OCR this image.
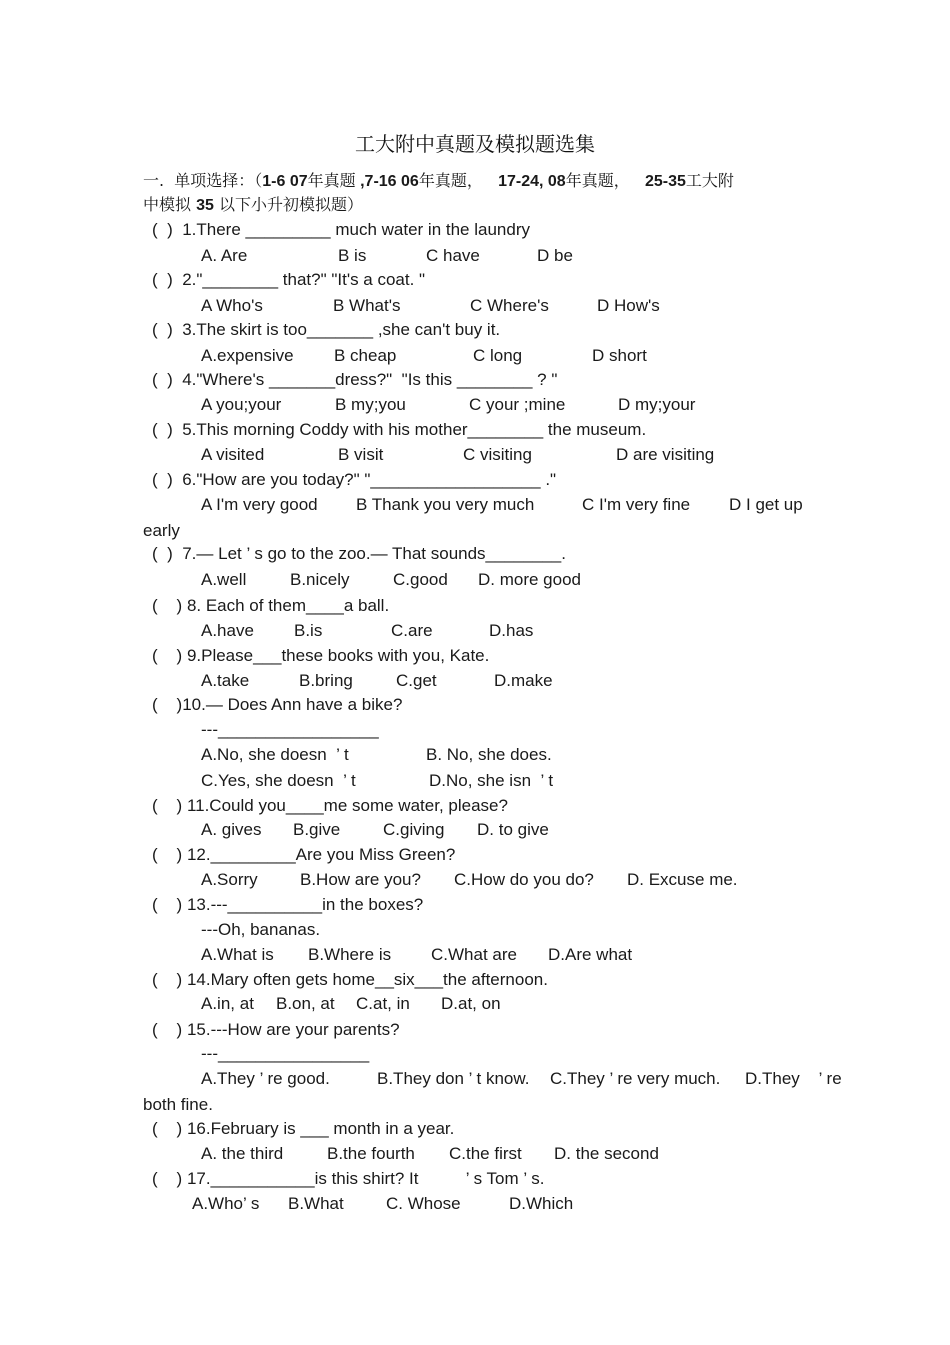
工大附中真题及模拟题选集
一.  单项选择：（1-6 07年真题 ,7-16 06年真题， 17-24, 08年真题， 25-35工大附
中模拟 35 以下小升初模拟题）
(  )  1.There _________ much water in the laundry
A. Are	B is	C have	D be
(  )  2."________ that?" "It's a coat. "
A Who's	B What's	C Where's	D How's
(  )  3.The skirt is too_______ ,she can't buy it.
A.expensive B cheap	C long	D short
(  )  4."Where's _______dress?"  "Is this ________ ? "
A you;your	B my;you	C your ;mine	D my;your
(  )  5.This morning Coddy with his mother________ the museum.
A visited	B visit	C visiting	D are visiting
(  )  6."How are you today?" "__________________ ."
A I'm very good B Thank you very much	C I'm very fine D I get up
early
(  )  7.— Let ’ s go to the zoo.— That sounds________.
A.well	B.nicely	C.good D. more good
(    ) 8. Each of them____a ball.
A.have B.is	C.are	D.has
(    ) 9.Please___these books with you, Kate.
A.take	B.bring	C.get	D.make
(    )10.— Does Ann have a bike?
---_________________
A.No, she doesn  ’ t	B. No, she does.
C.Yes, she doesn  ’ t	D.No, she isn  ’ t
(    ) 11.Could you____me some water, please?
A. gives B.give	C.giving D. to give
(    ) 12._________Are you Miss Green?
A.Sorry B.How are you? C.How do you do? D. Excuse me.
(    ) 13.---__________in the boxes?
---Oh, bananas.
A.What is B.Where is C.What are D.Are what
(    ) 14.Mary often gets home__six___the afternoon.
A.in, at B.on, at C.at, in D.at, on
(    ) 15.---How are your parents?
---________________
A.They ’ re good.	B.They don ’ t know. C.They ’ re very much. D.They    ’ re
both fine.
(    ) 16.February is ___ month in a year.
A. the third	B.the fourth C.the first D. the second
(    ) 17.___________is this shirt? It          ’ s Tom ’ s.
A.Who’ s B.What C. Whose	D.Which
